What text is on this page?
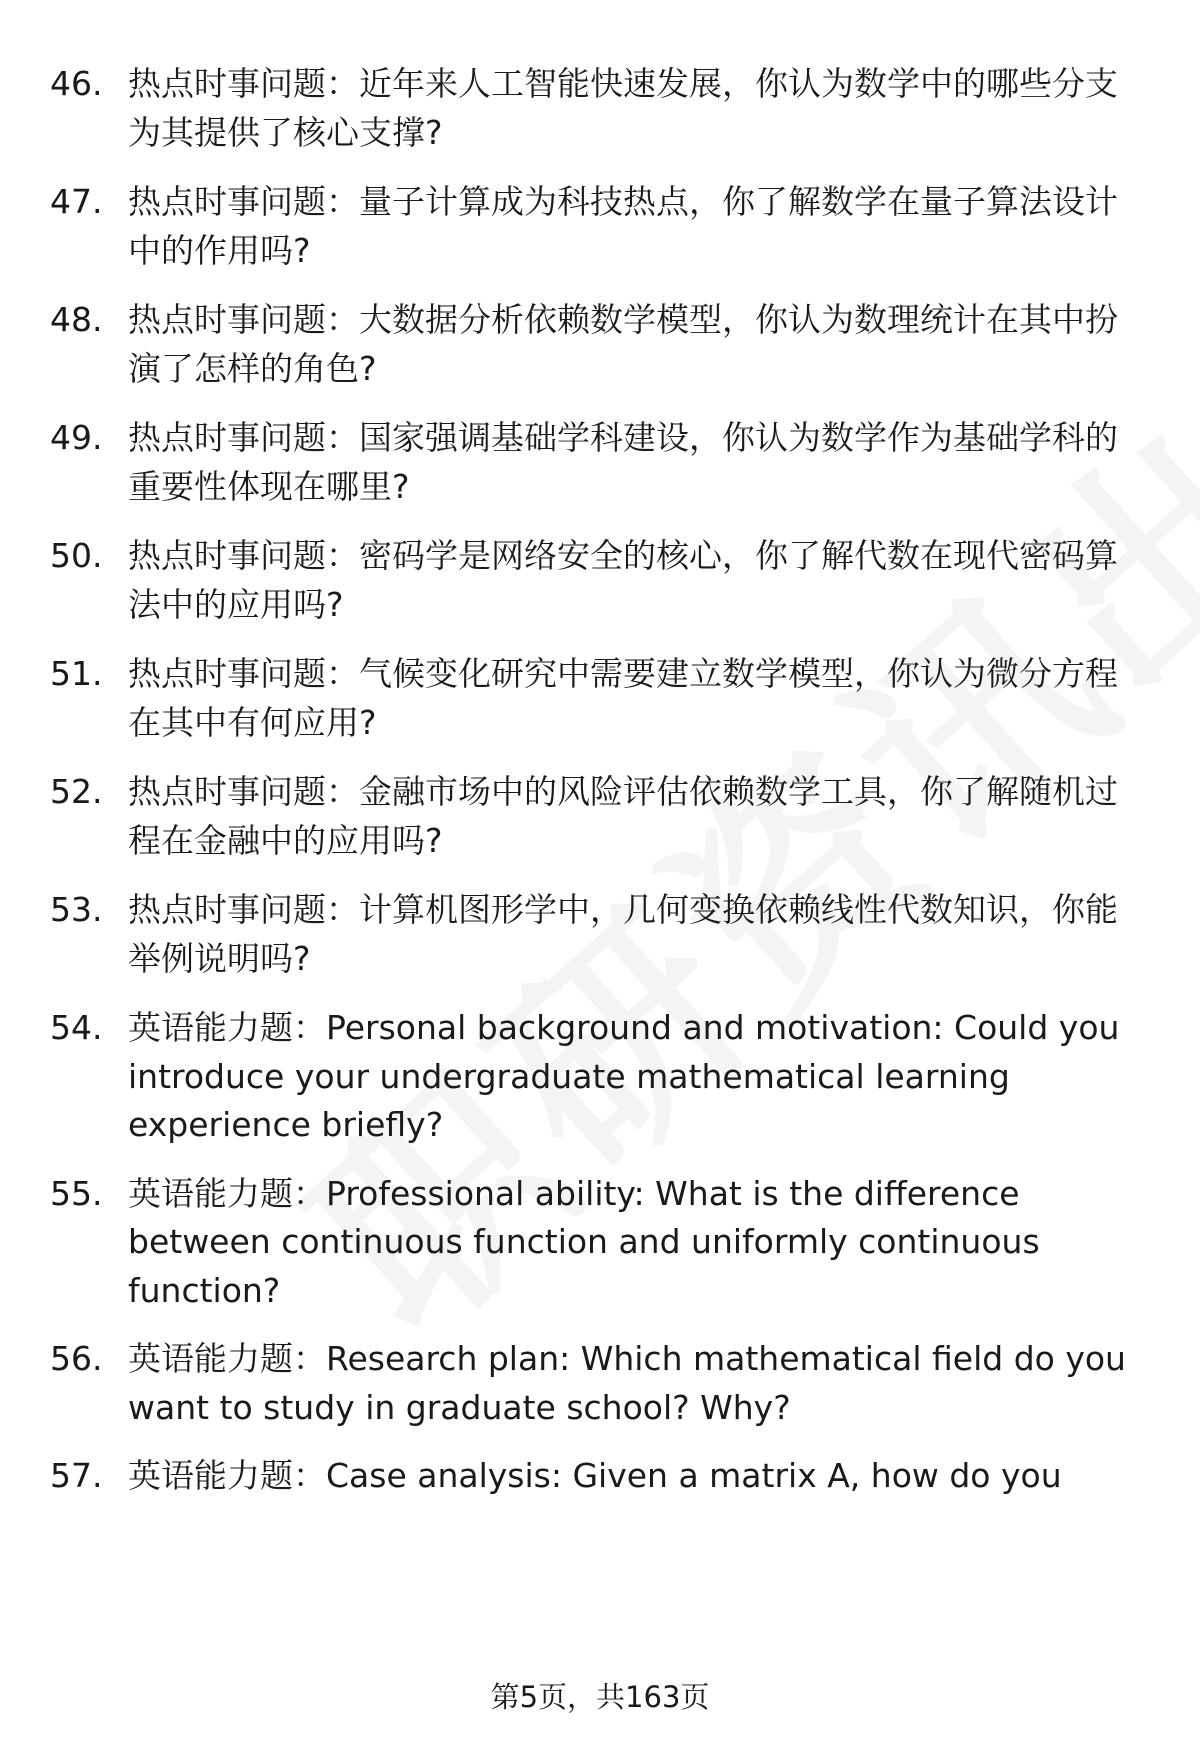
46. 热点时事问题：近年来人工智能快速发展，你认为数学中的哪些分支为其提供了核心支撑?
47. 热点时事问题：量子计算成为科技热点，你了解数学在量子算法设计中的作用吗?
48. 热点时事问题：大数据分析依赖数学模型，你认为数理统计在其中扮演了怎样的角色?
49. 热点时事问题：国家强调基础学科建设，你认为数学作为基础学科的重要性体现在哪里?
50. 热点时事问题：密码学是网络安全的核心，你了解代数在现代密码算法中的应用吗?
51. 热点时事问题：气候变化研究中需要建立数学模型，你认为微分方程在其中有何应用?
52. 热点时事问题：金融市场中的风险评估依赖数学工具，你了解随机过程在金融中的应用吗?
53. 热点时事问题：计算机图形学中，几何变换依赖线性代数知识，你能举例说明吗?
54. 英语能力题：Personal background and motivation: Could you introduce your undergraduate mathematical learning experience briefly?
55. 英语能力题：Professional ability: What is the difference between continuous function and uniformly continuous function?
56. 英语能力题：Research plan: Which mathematical field do you want to study in graduate school? Why?
57. 英语能力题：Case analysis: Given a matrix A, how do you
第5页，共163页
